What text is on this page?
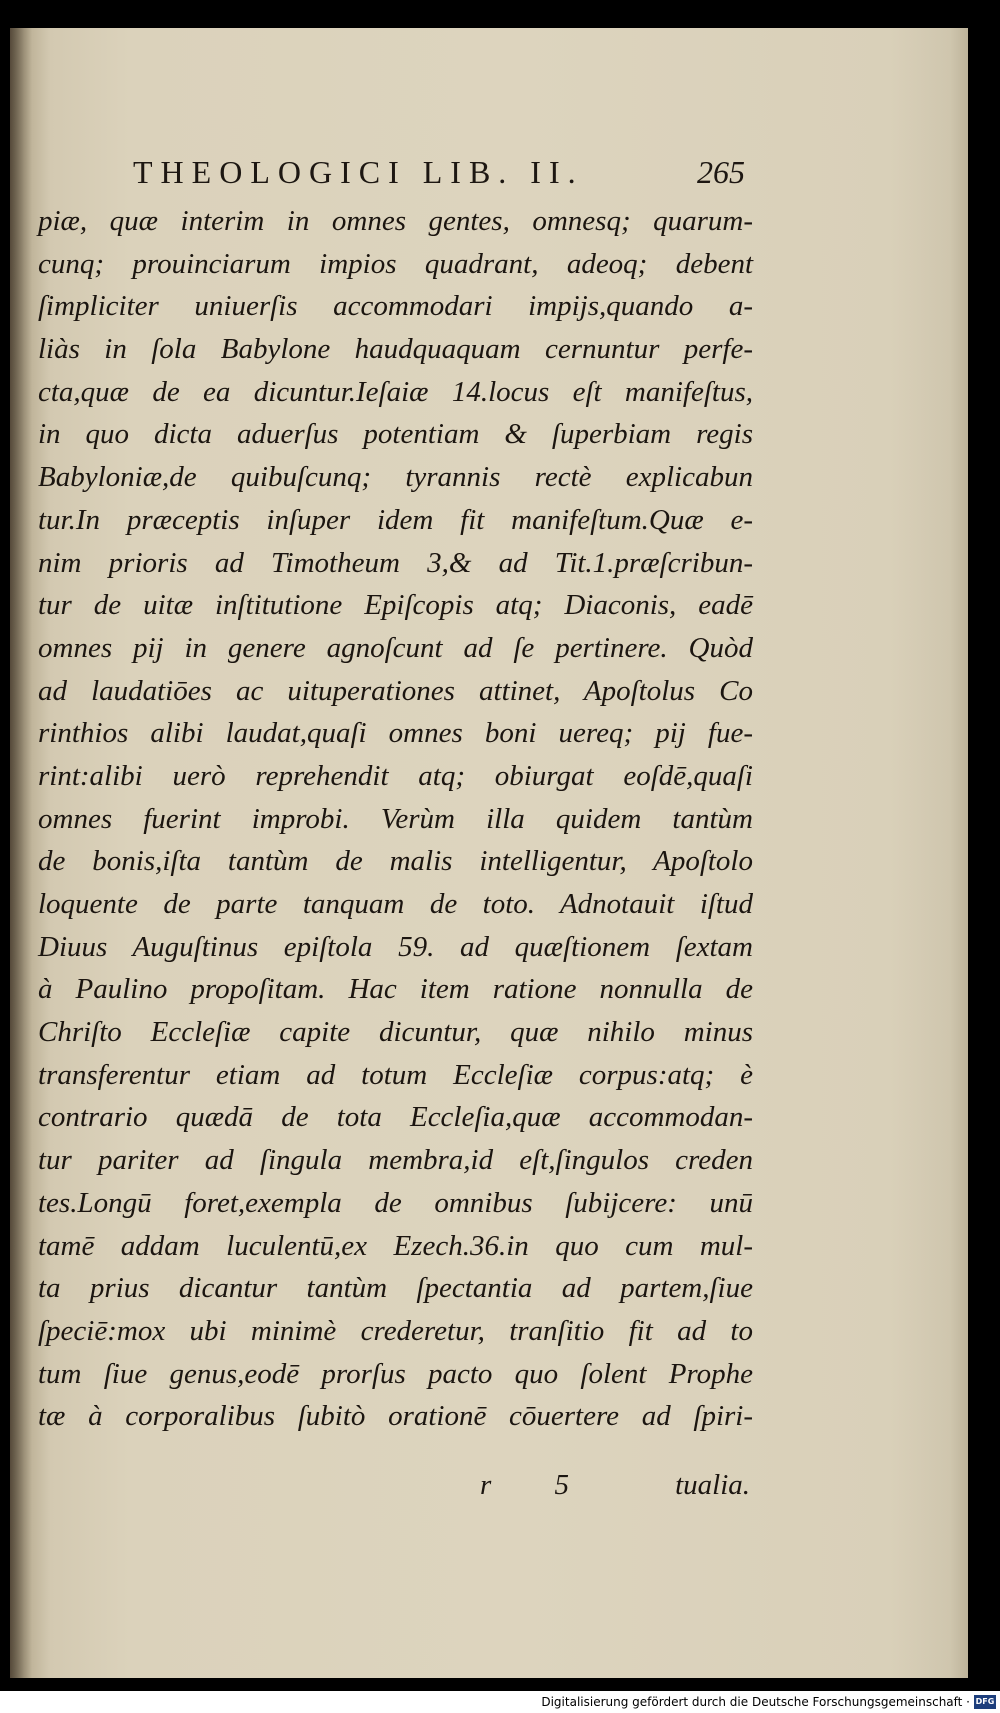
THEOLOGICI LIB. II.	265
piæ, quæ interim in omnes gentes, omnesq; quarum-
cunq; prouinciarum impios quadrant, adeoq; debent
ſimpliciter uniuerſis accommodari impijs,quando a-
liàs in ſola Babylone haudquaquam cernuntur perfe-
cta,quæ de ea dicuntur.Ieſaiæ 14.locus eſt manifeſtus,
in quo dicta aduerſus potentiam & ſuperbiam regis
Babyloniæ,de quibuſcunq; tyrannis rectè explicabun
tur.In præceptis inſuper idem fit manifeſtum.Quæ e-
nim prioris ad Timotheum 3,& ad Tit.1.præſcribun-
tur de uitæ inſtitutione Epiſcopis atq; Diaconis, eadē
omnes pij in genere agnoſcunt ad ſe pertinere. Quòd
ad laudatiōes ac uituperationes attinet, Apoſtolus Co
rinthios alibi laudat,quaſi omnes boni uereq; pij fue-
rint:alibi uerò reprehendit atq; obiurgat eoſdē,quaſi
omnes fuerint improbi. Verùm illa quidem tantùm
de bonis,iſta tantùm de malis intelligentur, Apoſtolo
loquente de parte tanquam de toto. Adnotauit iſtud
Diuus Auguſtinus epiſtola 59. ad quæſtionem ſextam
à Paulino propoſitam. Hac item ratione nonnulla de
Chriſto Eccleſiæ capite dicuntur, quæ nihilo minus
transferentur etiam ad totum Eccleſiæ corpus:atq; è
contrario quædā de tota Eccleſia,quæ accommodan-
tur pariter ad ſingula membra,id eſt,ſingulos creden
tes.Longū foret,exempla de omnibus ſubijcere: unū
tamē addam luculentū,ex Ezech.36.in quo cum mul-
ta prius dicantur tantùm ſpectantia ad partem,ſiue
ſpeciē:mox ubi minimè crederetur, tranſitio fit ad to
tum ſiue genus,eodē prorſus pacto quo ſolent Prophe
tæ à corporalibus ſubitò orationē cōuertere ad ſpiri-
r 5	tualia.
Digitalisierung gefördert durch die Deutsche Forschungsgemeinschaft · DFG
